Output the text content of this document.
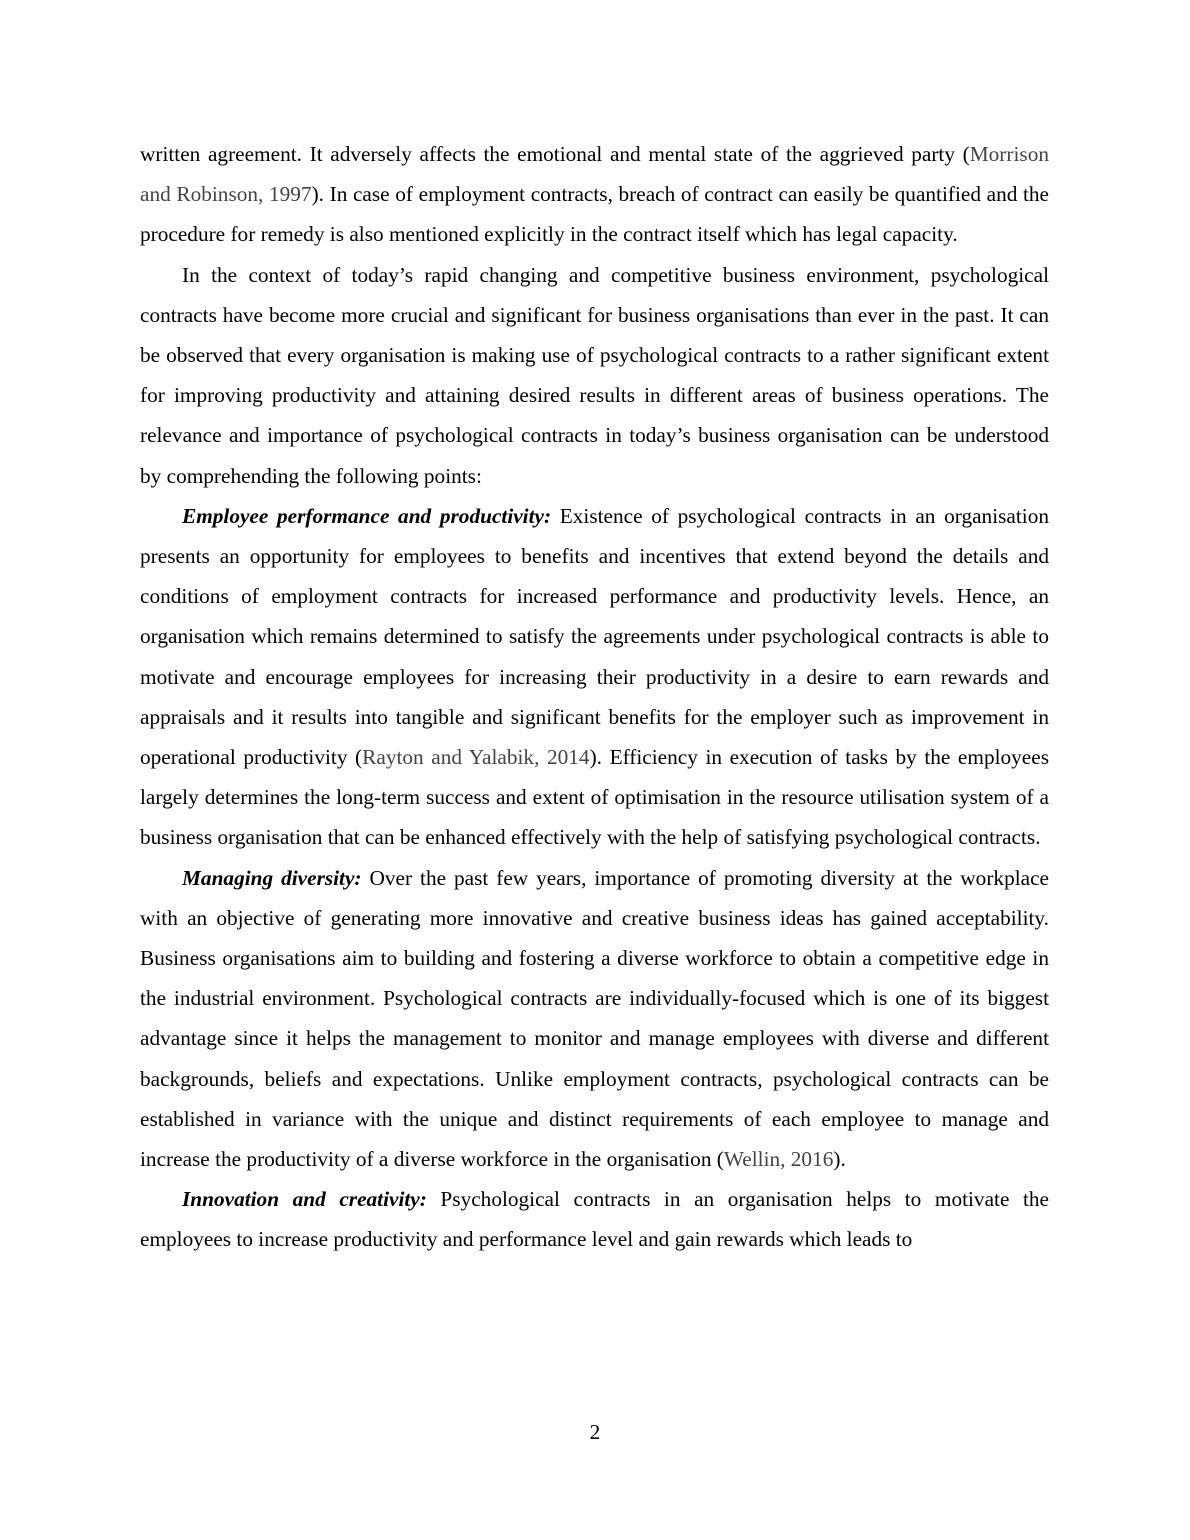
written agreement. It adversely affects the emotional and mental state of the aggrieved party (Morrison and Robinson, 1997). In case of employment contracts, breach of contract can easily be quantified and the procedure for remedy is also mentioned explicitly in the contract itself which has legal capacity.

In the context of today’s rapid changing and competitive business environment, psychological contracts have become more crucial and significant for business organisations than ever in the past. It can be observed that every organisation is making use of psychological contracts to a rather significant extent for improving productivity and attaining desired results in different areas of business operations. The relevance and importance of psychological contracts in today’s business organisation can be understood by comprehending the following points:

Employee performance and productivity: Existence of psychological contracts in an organisation presents an opportunity for employees to benefits and incentives that extend beyond the details and conditions of employment contracts for increased performance and productivity levels. Hence, an organisation which remains determined to satisfy the agreements under psychological contracts is able to motivate and encourage employees for increasing their productivity in a desire to earn rewards and appraisals and it results into tangible and significant benefits for the employer such as improvement in operational productivity (Rayton and Yalabik, 2014). Efficiency in execution of tasks by the employees largely determines the long-term success and extent of optimisation in the resource utilisation system of a business organisation that can be enhanced effectively with the help of satisfying psychological contracts.

Managing diversity: Over the past few years, importance of promoting diversity at the workplace with an objective of generating more innovative and creative business ideas has gained acceptability. Business organisations aim to building and fostering a diverse workforce to obtain a competitive edge in the industrial environment. Psychological contracts are individually-focused which is one of its biggest advantage since it helps the management to monitor and manage employees with diverse and different backgrounds, beliefs and expectations. Unlike employment contracts, psychological contracts can be established in variance with the unique and distinct requirements of each employee to manage and increase the productivity of a diverse workforce in the organisation (Wellin, 2016).

Innovation and creativity: Psychological contracts in an organisation helps to motivate the employees to increase productivity and performance level and gain rewards which leads to

2
